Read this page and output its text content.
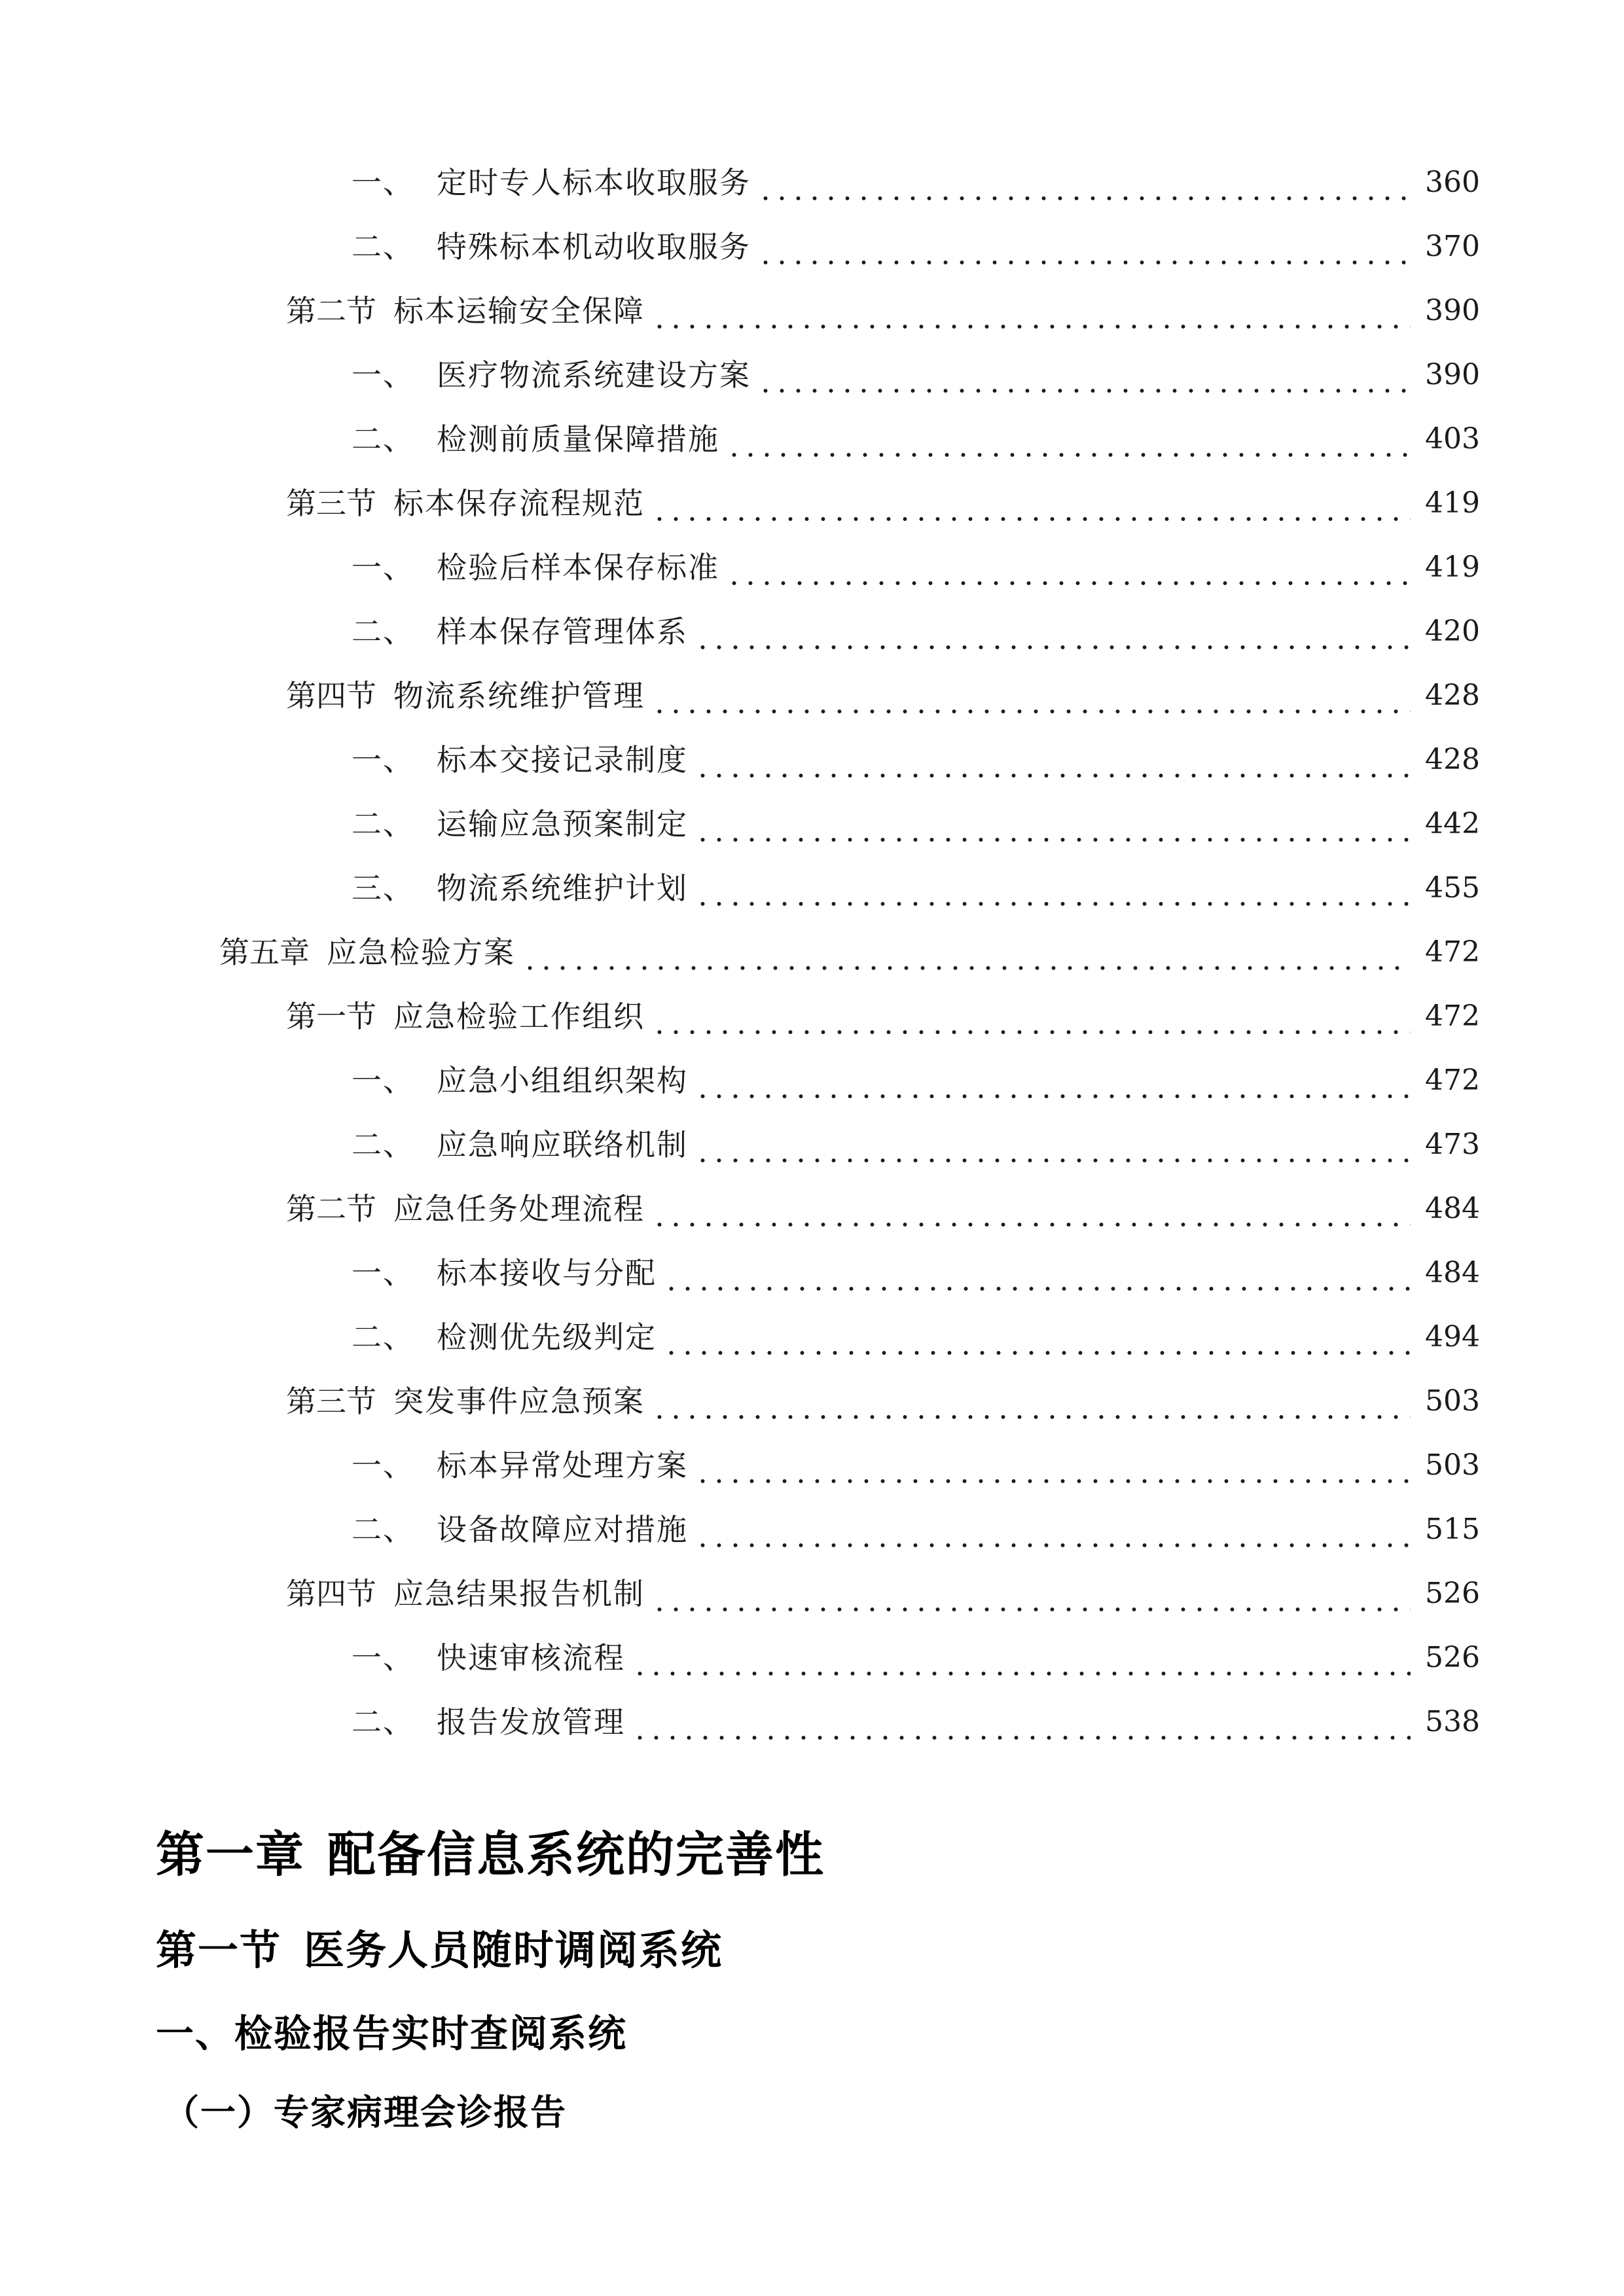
一、 定时专人标本收取服务	360
二、 特殊标本机动收取服务	370
第二节 标本运输安全保障	390
一、 医疗物流系统建设方案	390
二、 检测前质量保障措施	403
第三节 标本保存流程规范	419
一、 检验后样本保存标准	419
二、 样本保存管理体系	420
第四节 物流系统维护管理	428
一、 标本交接记录制度	428
二、 运输应急预案制定	442
三、 物流系统维护计划	455
第五章 应急检验方案	472
第一节 应急检验工作组织	472
一、 应急小组组织架构	472
二、 应急响应联络机制	473
第二节 应急任务处理流程	484
一、 标本接收与分配	484
二、 检测优先级判定	494
第三节 突发事件应急预案	503
一、 标本异常处理方案	503
二、 设备故障应对措施	515
第四节 应急结果报告机制	526
一、 快速审核流程	526
二、 报告发放管理	538
第一章 配备信息系统的完善性
第一节 医务人员随时调阅系统
一、检验报告实时查阅系统
（一）专家病理会诊报告
